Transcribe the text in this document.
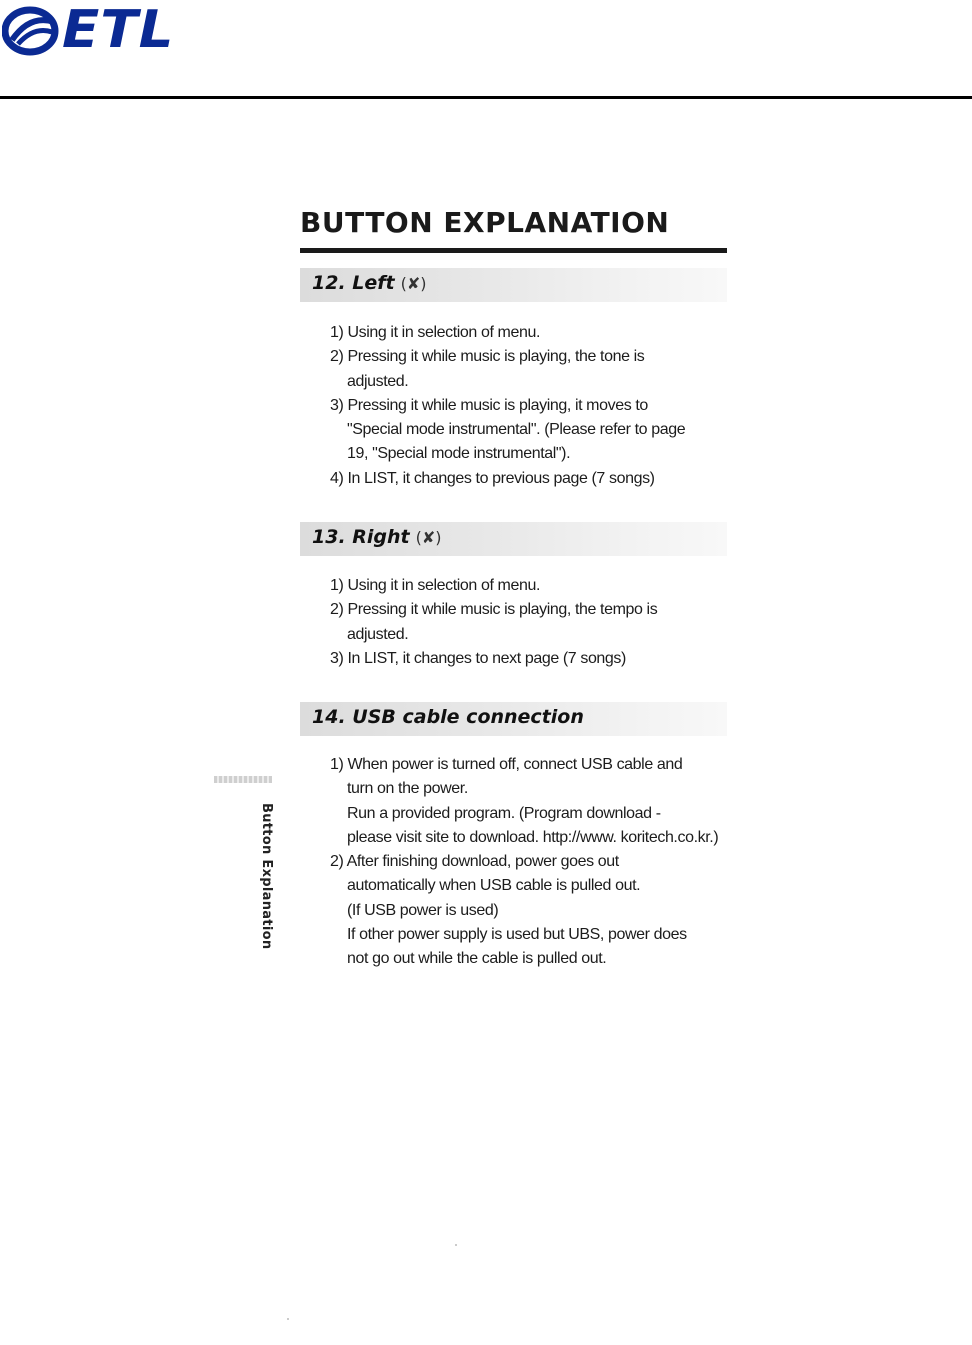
ETL
BUTTON EXPLANATION
12. Left (✘)
1) Using it in selection of menu.
2) Pressing it while music is playing, the tone is
adjusted.
3) Pressing it while music is playing, it moves to
"Special mode instrumental". (Please refer to page
19, "Special mode instrumental").
4) In LIST, it changes to previous page (7 songs)
13. Right (✘)
1) Using it in selection of menu.
2) Pressing it while music is playing, the tempo is
adjusted.
3) In LIST, it changes to next page (7 songs)
14. USB cable connection
1) When power is turned off, connect USB cable and
turn on the power.
Run a provided program. (Program download -
please visit site to download. http://www. koritech.co.kr.)
2) After finishing download, power goes out
automatically when USB cable is pulled out.
(If USB power is used)
If other power supply is used but UBS, power does
not go out while the cable is pulled out.
Button Explanation
